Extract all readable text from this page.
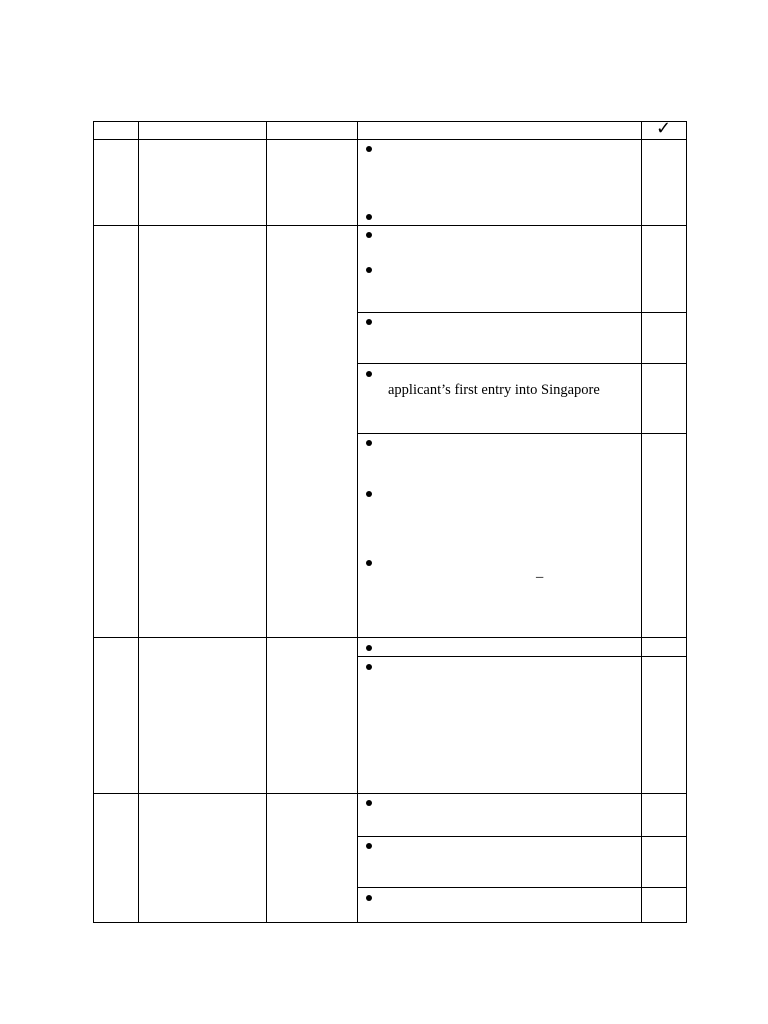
✓
applicant’s first entry into Singapore
–
